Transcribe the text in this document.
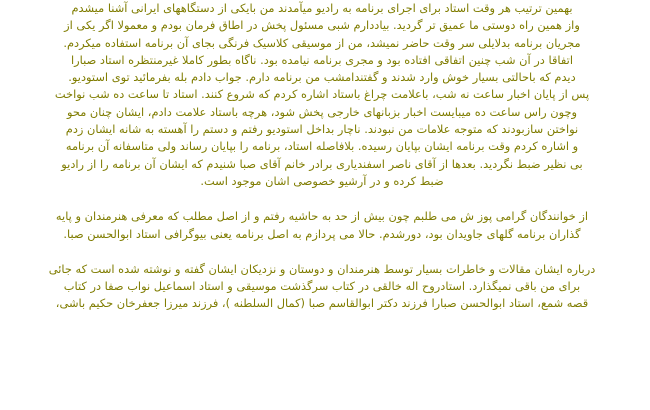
بهمین ترتیب هر وقت استاد برای اجرای برنامه به رادیو میآمدند من بایکی از دستگاههای ایرانی آشنا میشدم
واز همین راه دوستی ما عمیق تر گردید. بیاددارم شبی مسئول پخش در اطاق فرمان بودم و معمولا اگر یکی از
مجریان برنامه بدلایلی سر وقت حاضر نمیشد، من از موسیقی کلاسیک فرنگی بجای آن برنامه استفاده میکردم.
اتفاقا در آن شب چنین اتفاقی افتاده بود و مجری برنامه نیامده بود. ناگاه بطور کاملا غیرمنتظره استاد صبارا
دیدم که باحالتی بسیار خوش وارد شدند و گفتندامشب من برنامه دارم. جواب دادم بله بفرمائید توی استودیو.
پس از پایان اخبار ساعت نه شب، باعلامت چراغ باستاد اشاره کردم که شروع کنند. استاد تا ساعت ده شب نواخت
وچون راس ساعت ده میبایست اخبار بزبانهای خارجی پخش شود، هرچه باستاد علامت دادم، ایشان چنان محو
نواختن سازبودند که متوجه علامات من نبودند. ناچار بداخل استودیو رفتم و دستم را آهسته به شانه ایشان زدم
و اشاره کردم وقت برنامه ایشان بپایان رسیده. بلافاصله استاد، برنامه را بپایان رساند ولی متاسفانه آن برنامه
بی نظیر ضبط نگردید. بعدها از آقای ناصر اسفندیاری برادر خانم آقای صبا شنیدم که ایشان آن برنامه را از رادیو
ضبط کرده و در آرشیو خصوصی اشان موجود است.

از خوانندگان گرامی پوز ش می طلبم چون بیش از حد به حاشیه رفتم و از اصل مطلب که معرفی هنرمندان و پایه
گذاران برنامه گلهای جاویدان بود، دورشدم. حالا می پردازم به اصل برنامه یعنی بیوگرافی استاد ابوالحسن صبا.

درباره ایشان مقالات و خاطرات بسیار توسط هنرمندان و دوستان و نزدیکان ایشان گفته و نوشته شده است که جائی
برای من باقی نمیگذارد. استادروح اله خالقی در کتاب سرگذشت موسیقی و استاد اسماعیل نواب صفا در کتاب
قصه شمع، استاد ابوالحسن صبارا فرزند دکتر ابوالقاسم صبا (کمال السلطنه )، فرزند میرزا جعفرخان حکیم باشی،
